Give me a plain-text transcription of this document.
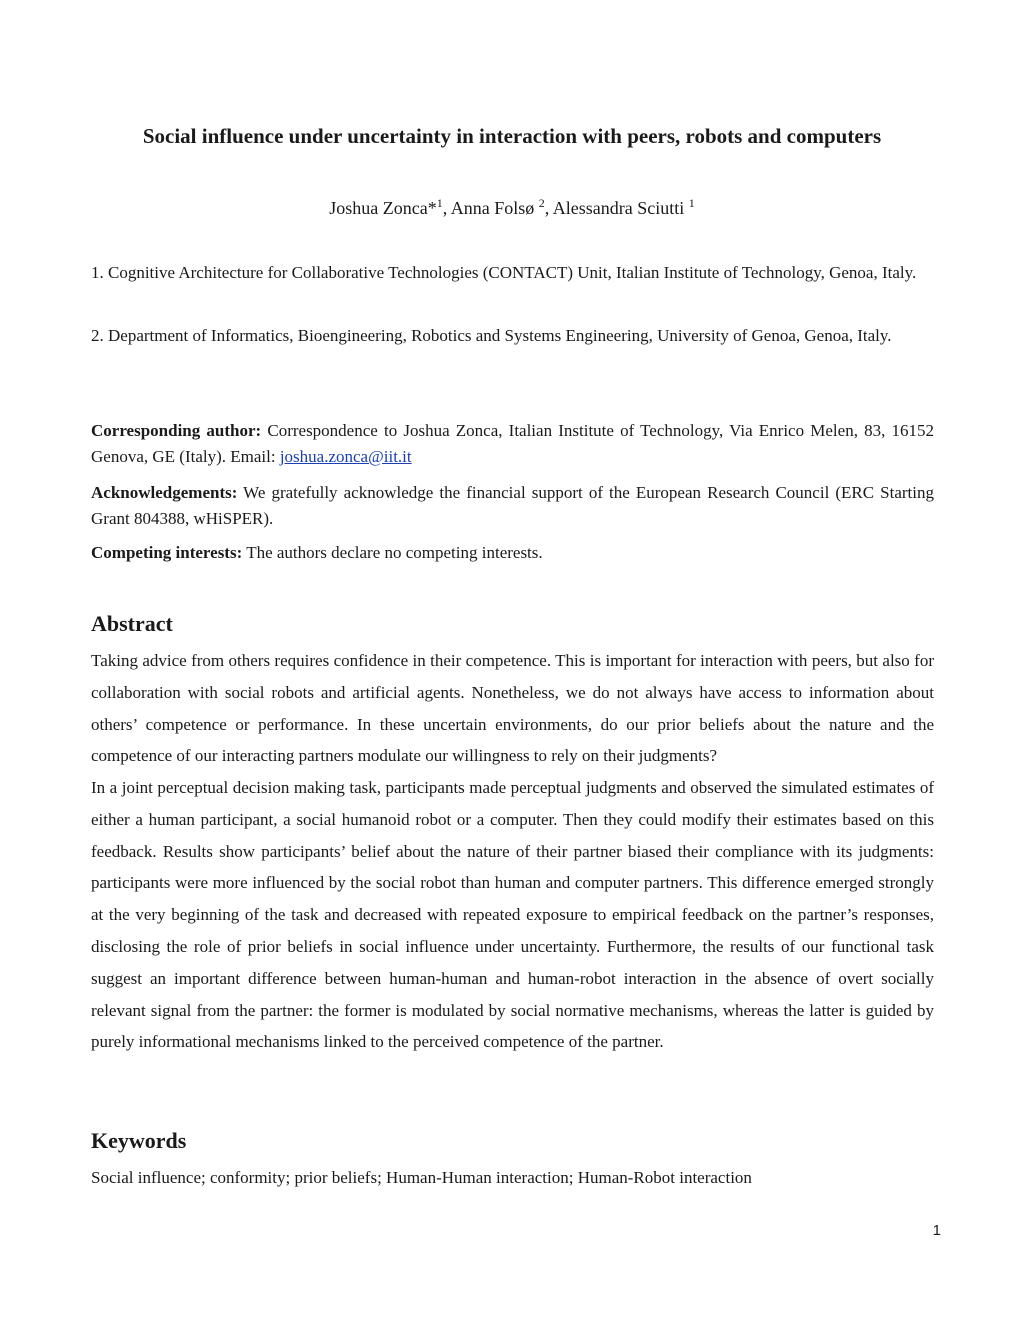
Social influence under uncertainty in interaction with peers, robots and computers
Joshua Zonca*$^1$, Anna Folsø $^2$, Alessandra Sciutti $^1$

1. Cognitive Architecture for Collaborative Technologies (CONTACT) Unit, Italian Institute of Technology, Genoa, Italy.

2. Department of Informatics, Bioengineering, Robotics and Systems Engineering, University of Genoa, Genoa, Italy.

Corresponding author: Correspondence to Joshua Zonca, Italian Institute of Technology, Via Enrico Melen, 83, 16152 Genova, GE (Italy). Email: joshua.zonca@iit.it

Acknowledgements: We gratefully acknowledge the financial support of the European Research Council (ERC Starting Grant 804388, wHiSPER).

Competing interests: The authors declare no competing interests.

Abstract

Taking advice from others requires confidence in their competence. This is important for interaction with peers, but also for collaboration with social robots and artificial agents. Nonetheless, we do not always have access to information about others’ competence or performance. In these uncertain environments, do our prior beliefs about the nature and the competence of our interacting partners modulate our willingness to rely on their judgments?

In a joint perceptual decision making task, participants made perceptual judgments and observed the simulated estimates of either a human participant, a social humanoid robot or a computer. Then they could modify their estimates based on this feedback. Results show participants’ belief about the nature of their partner biased their compliance with its judgments: participants were more influenced by the social robot than human and computer partners. This difference emerged strongly at the very beginning of the task and decreased with repeated exposure to empirical feedback on the partner’s responses, disclosing the role of prior beliefs in social influence under uncertainty. Furthermore, the results of our functional task suggest an important difference between human-human and human-robot interaction in the absence of overt socially relevant signal from the partner: the former is modulated by social normative mechanisms, whereas the latter is guided by purely informational mechanisms linked to the perceived competence of the partner.

Keywords

Social influence; conformity; prior beliefs; Human-Human interaction; Human-Robot interaction

1
